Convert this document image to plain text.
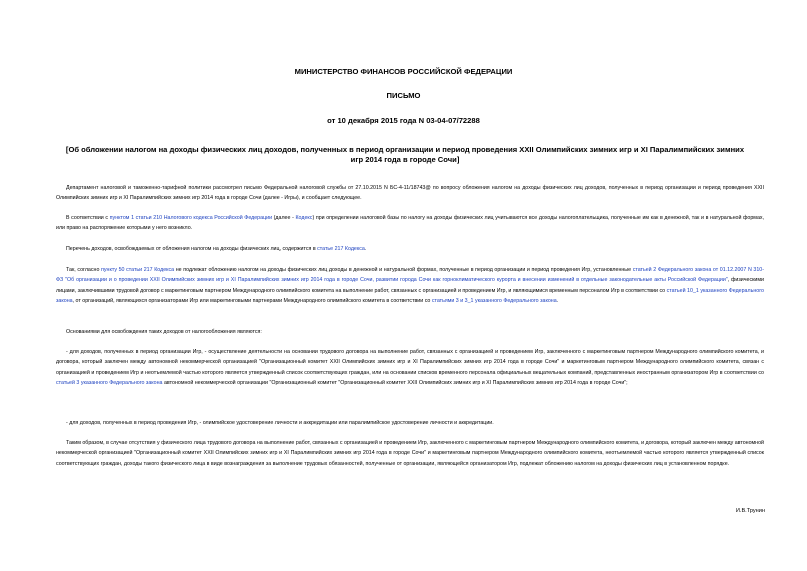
МИНИСТЕРСТВО ФИНАНСОВ РОССИЙСКОЙ ФЕДЕРАЦИИ
ПИСЬМО
от 10 декабря 2015 года N 03-04-07/72288
[Об обложении налогом на доходы физических лиц доходов, полученных в период организации и период проведения XXII Олимпийских зимних игр и XI Паралимпийских зимних игр 2014 года в городе Сочи]
Департамент налоговой и таможенно-тарифной политики рассмотрел письмо Федеральной налоговой службы от 27.10.2015 N БС-4-11/18743@ по вопросу обложения налогом на доходы физических лиц доходов, полученных в период организации и период проведения XXII Олимпийских зимних игр и XI Паралимпийских зимних игр 2014 года в городе Сочи (далее - Игры), и сообщает следующее.
В соответствии с пунктом 1 статьи 210 Налогового кодекса Российской Федерации (далее - Кодекс) при определении налоговой базы по налогу на доходы физических лиц учитываются все доходы налогоплательщика, полученные им как в денежной, так и в натуральной формах, или право на распоряжение которыми у него возникло.
Перечень доходов, освобождаемых от обложения налогом на доходы физических лиц, содержится в статье 217 Кодекса.
Так, согласно пункту 50 статьи 217 Кодекса не подлежат обложению налогом на доходы физических лиц доходы в денежной и натуральной формах, полученные в период организации и период проведения Игр, установленные статьей 2 Федерального закона от 01.12.2007 N 310-ФЗ "Об организации и о проведении XXII Олимпийских зимних игр и XI Паралимпийских зимних игр 2014 года в городе Сочи, развитии города Сочи как горноклиматического курорта и внесении изменений в отдельные законодательные акты Российской Федерации", физическими лицами, заключившими трудовой договор с маркетинговым партнером Международного олимпийского комитета на выполнение работ, связанных с организацией и проведением Игр, и являющимися временным персоналом Игр в соответствии со статьей 10_1 указанного Федерального закона, от организаций, являющихся организаторами Игр или маркетинговыми партнерами Международного олимпийского комитета в соответствии со статьями 3 и 3_1 указанного Федерального закона.
Основаниями для освобождения таких доходов от налогообложения являются:
- для доходов, полученных в период организации Игр, - осуществление деятельности на основании трудового договора на выполнение работ, связанных с организацией и проведением Игр, заключенного с маркетинговым партнером Международного олимпийского комитета, и договора, который заключен между автономной некоммерческой организацией "Организационный комитет XXII Олимпийских зимних игр и XI Паралимпийских зимних игр 2014 года в городе Сочи" и маркетинговым партнером Международного олимпийского комитета, связан с организацией и проведением Игр и неотъемлемой частью которого является утвержденный список соответствующих граждан, или на основании списков временного персонала официальных вещательных компаний, представленных иностранным организатором Игр в соответствии со статьей 3 указанного Федерального закона автономной некоммерческой организации "Организационный комитет "Организационный комитет XXII Олимпийских зимних игр и XI Паралимпийских зимних игр 2014 года в городе Сочи";
- для доходов, полученных в период проведения Игр, - олимпийское удостоверение личности и аккредитации или паралимпийское удостоверение личности и аккредитации.
Таким образом, в случае отсутствия у физического лица трудового договора на выполнение работ, связанных с организацией и проведением Игр, заключенного с маркетинговым партнером Международного олимпийского комитета, и договора, который заключен между автономной некоммерческой организацией "Организационный комитет XXII Олимпийских зимних игр и XI Паралимпийских зимних игр 2014 года в городе Сочи" и маркетинговым партнером Международного олимпийского комитета, неотъемлемой частью которого является утвержденный список соответствующих граждан, доходы такого физического лица в виде вознаграждения за выполнение трудовых обязанностей, полученные от организации, являющейся организатором Игр, подлежат обложению налогом на доходы физических лиц в установленном порядке.
И.В.Трунин
